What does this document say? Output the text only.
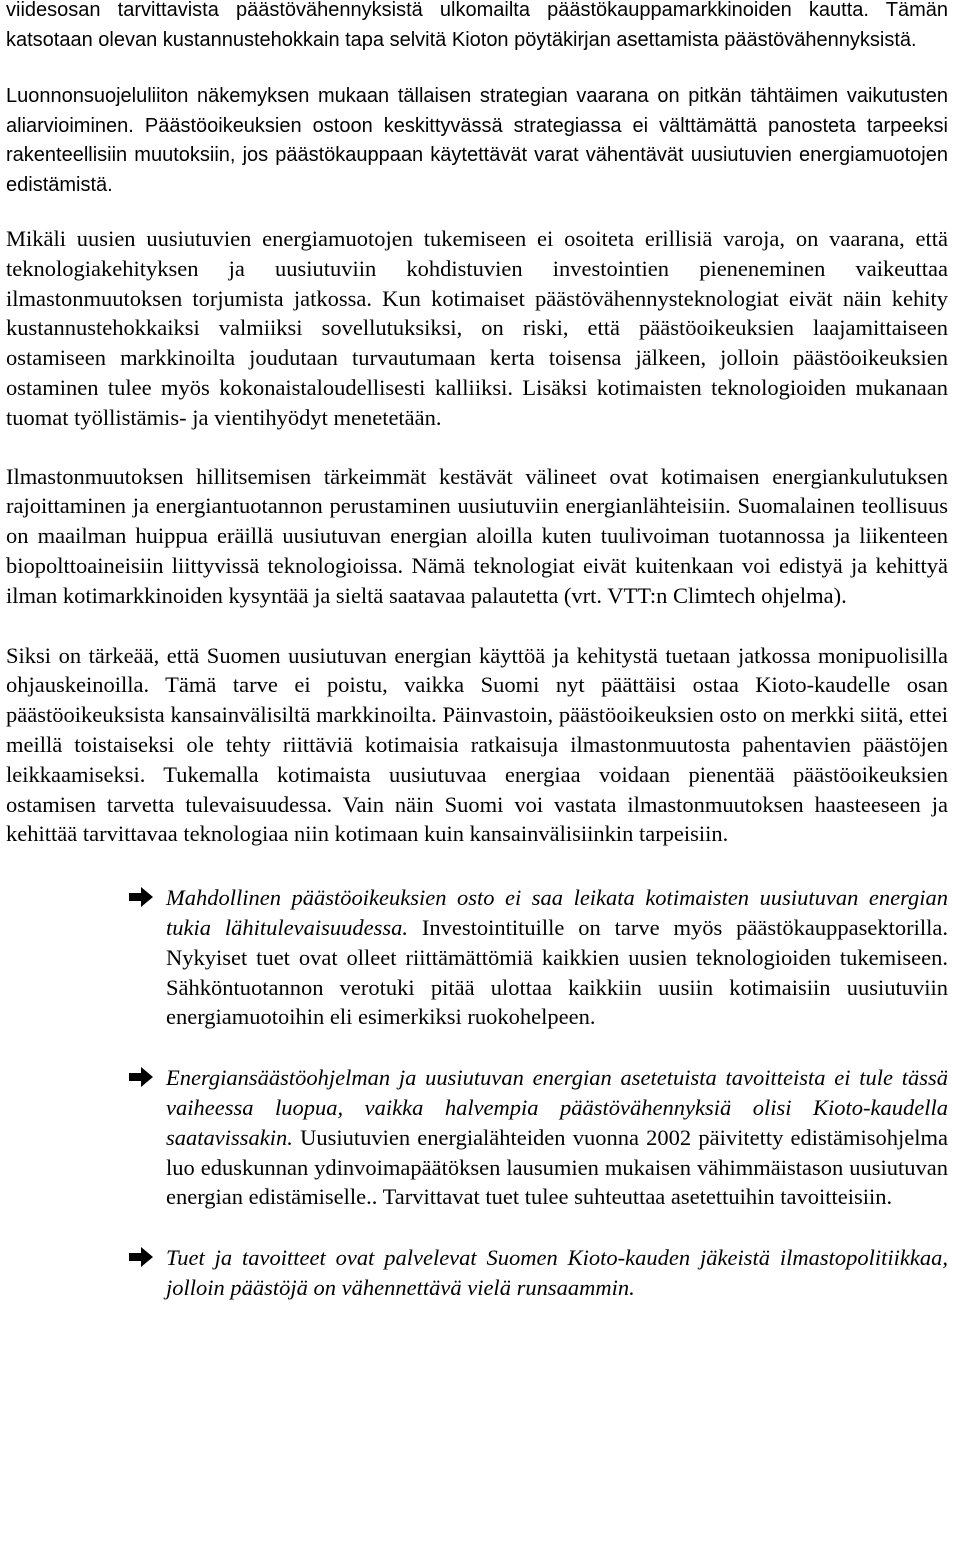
viidesosan tarvittavista päästövähennyksistä ulkomailta päästökauppamarkkinoiden kautta. Tämän katsotaan olevan kustannustehokkain tapa selvitä Kioton pöytäkirjan asettamista päästövähennyksistä.

Luonnonsuojeluliiton näkemyksen mukaan tällaisen strategian vaarana on pitkän tähtäimen vaikutusten aliarvioiminen. Päästöoikeuksien ostoon keskittyvässä strategiassa ei välttämättä panosteta tarpeeksi rakenteellisiin muutoksiin, jos päästökauppaan käytettävät varat vähentävät uusiutuvien energiamuotojen edistämistä.

Mikäli uusien uusiutuvien energiamuotojen tukemiseen ei osoiteta erillisiä varoja, on vaarana, että teknologiakehityksen ja uusiutuviin kohdistuvien investointien pieneneminen vaikeuttaa ilmastonmuutoksen torjumista jatkossa. Kun kotimaiset päästövähennysteknologiat eivät näin kehity kustannustehokkaiksi valmiiksi sovellutuksiksi, on riski, että päästöoikeuksien laajamittaiseen ostamiseen markkinoilta joudutaan turvautumaan kerta toisensa jälkeen, jolloin päästöoikeuksien ostaminen tulee myös kokonaistaloudellisesti kalliiksi. Lisäksi kotimaisten teknologioiden mukanaan tuomat työllistämis- ja vientihyödyt menetetään.

Ilmastonmuutoksen hillitsemisen tärkeimmät kestävät välineet ovat kotimaisen energiankulutuksen rajoittaminen ja energiantuotannon perustaminen uusiutuviin energianlähteisiin. Suomalainen teollisuus on maailman huippua eräillä uusiutuvan energian aloilla kuten tuulivoiman tuotannossa ja liikenteen biopolttoaineisiin liittyvissä teknologioissa. Nämä teknologiat eivät kuitenkaan voi edistyä ja kehittyä ilman kotimarkkinoiden kysyntää ja sieltä saatavaa palautetta (vrt. VTT:n Climtech ohjelma).

Siksi on tärkeää, että Suomen uusiutuvan energian käyttöä ja kehitystä tuetaan jatkossa monipuolisilla ohjauskeinoilla. Tämä tarve ei poistu, vaikka Suomi nyt päättäisi ostaa Kioto-kaudelle osan päästöoikeuksista kansainvälisiltä markkinoilta. Päinvastoin, päästöoikeuksien osto on merkki siitä, ettei meillä toistaiseksi ole tehty riittäviä kotimaisia ratkaisuja ilmastonmuutosta pahentavien päästöjen leikkaamiseksi. Tukemalla kotimaista uusiutuvaa energiaa voidaan pienentää päästöoikeuksien ostamisen tarvetta tulevaisuudessa. Vain näin Suomi voi vastata ilmastonmuutoksen haasteeseen ja kehittää tarvittavaa teknologiaa niin kotimaan kuin kansainvälisiinkin tarpeisiin.

Mahdollinen päästöoikeuksien osto ei saa leikata kotimaisten uusiutuvan energian tukia lähitulevaisuudessa. Investointituille on tarve myös päästökauppasektorilla. Nykyiset tuet ovat olleet riittämättömiä kaikkien uusien teknologioiden tukemiseen. Sähköntuotannon verotuki pitää ulottaa kaikkiin uusiin kotimaisiin uusiutuviin energiamuotoihin eli esimerkiksi ruokohelpeen.
Energiansäästöohjelman ja uusiutuvan energian asetetuista tavoitteista ei tule tässä vaiheessa luopua, vaikka halvempia päästövähennyksiä olisi Kioto-kaudella saatavissakin. Uusiutuvien energialähteiden vuonna 2002 päivitetty edistämisohjelma luo eduskunnan ydinvoimapäätöksen lausumien mukaisen vähimmäistason uusiutuvan energian edistämiselle.. Tarvittavat tuet tulee suhteuttaa asetettuihin tavoitteisiin.
Tuet ja tavoitteet ovat palvelevat Suomen Kioto-kauden jäkeistä ilmastopolitiikkaa, jolloin päästöjä on vähennettävä vielä runsaammin.
